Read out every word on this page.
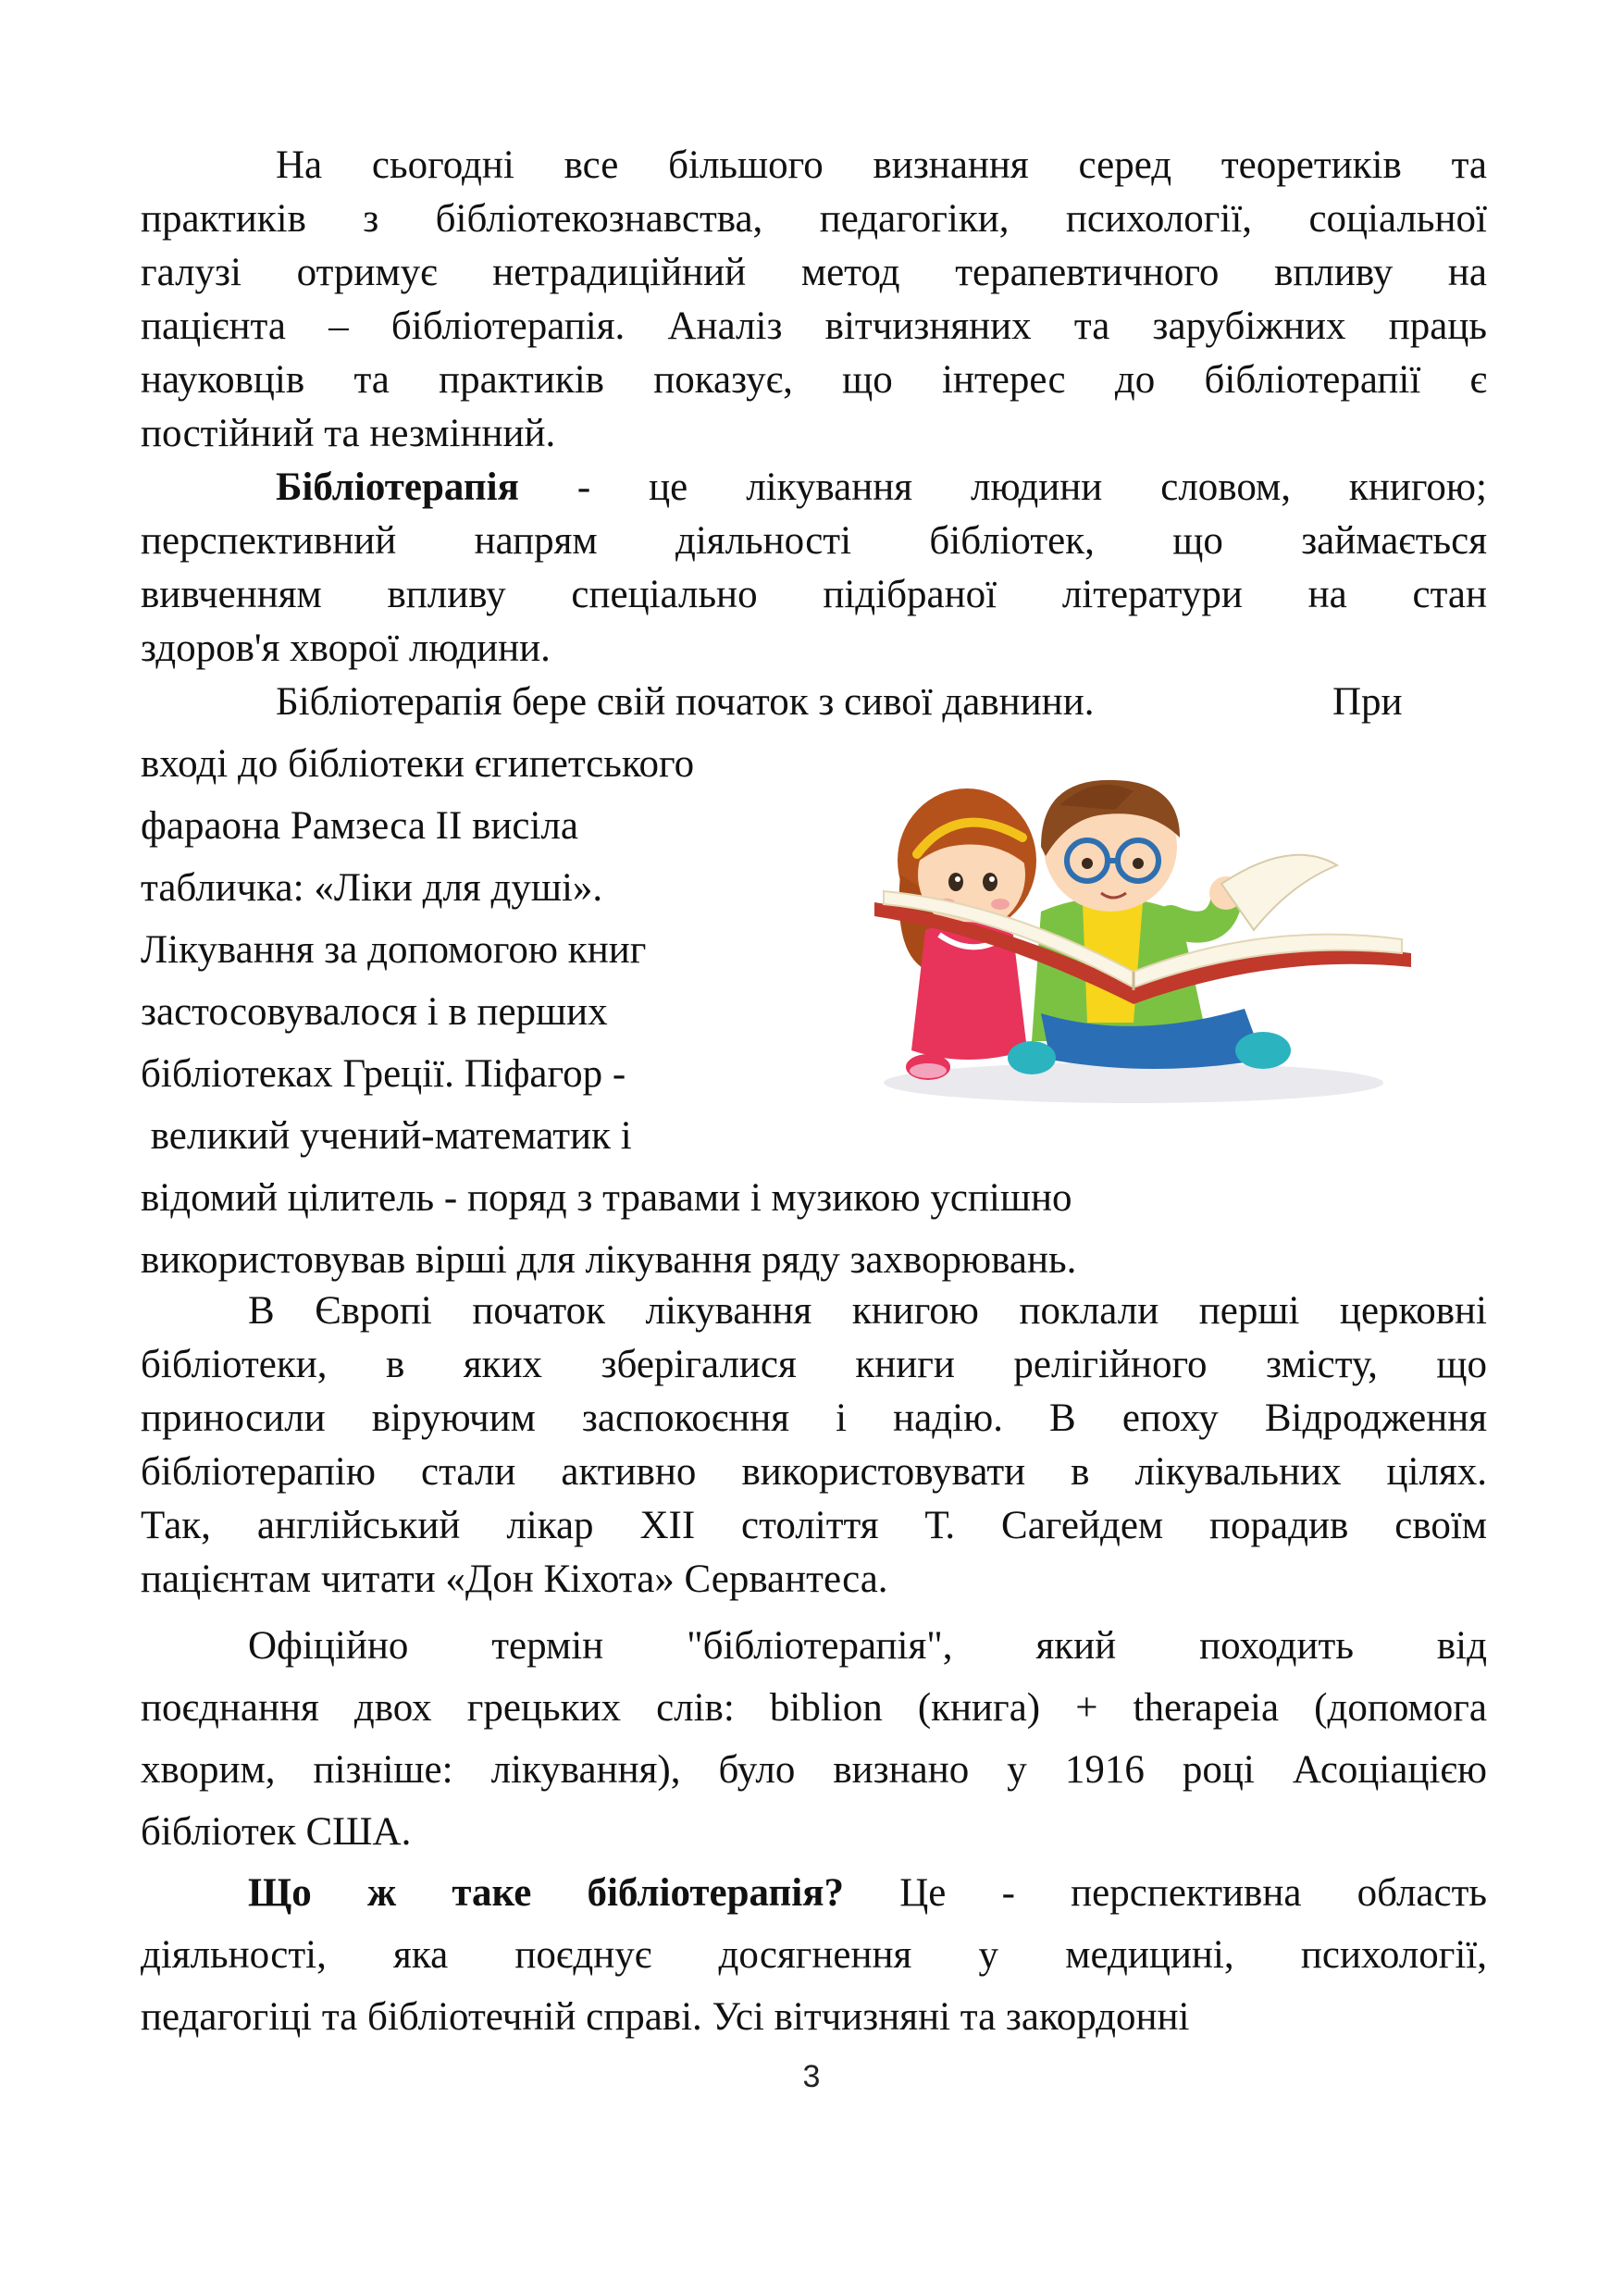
На сьогодні все більшого визнання серед теоретиків та
практиків з бібліотекознавства, педагогіки, психології, соціальної
галузі отримує нетрадиційний метод терапевтичного впливу на
пацієнта – бібліотерапія. Аналіз вітчизняних та зарубіжних праць
науковців та практиків показує, що інтерес до бібліотерапії є
постійний та незмінний.
Бібліотерапія - це лікування людини словом, книгою;
перспективний напрям діяльності бібліотек, що займається
вивченням впливу спеціально підібраної літератури на стан
здоров'я хворої людини.
Бібліотерапія бере свій початок з сивої давнини.	При
вході до бібліотеки єгипетського
фараона Рамзеса II висіла
табличка: «Ліки для душі».
Лікування за допомогою книг
застосовувалося і в перших
бібліотеках Греції. Піфагор -
великий учений-математик і
відомий цілитель - поряд з травами і музикою успішно
використовував вірші для лікування ряду захворювань.
В Європі початок лікування книгою поклали перші церковні
бібліотеки, в яких зберігалися книги релігійного змісту, що
приносили віруючим заспокоєння і надію. В епоху Відродження
бібліотерапію стали активно використовувати в лікувальних цілях.
Так, англійський лікар XII століття Т. Сагейдем порадив своїм
пацієнтам читати «Дон Кіхота» Сервантеса.
Офіційно термін "бібліотерапія", який походить від
поєднання двох грецьких слів: biblion (книга) + therapeia (допомога
хворим, пізніше: лікування), було визнано у 1916 році Асоціацією
бібліотек США.
Що ж таке бібліотерапія? Це - перспективна область
діяльності, яка поєднує досягнення у медицині, психології,
педагогіці та бібліотечній справі. Усі вітчизняні та закордонні
3
